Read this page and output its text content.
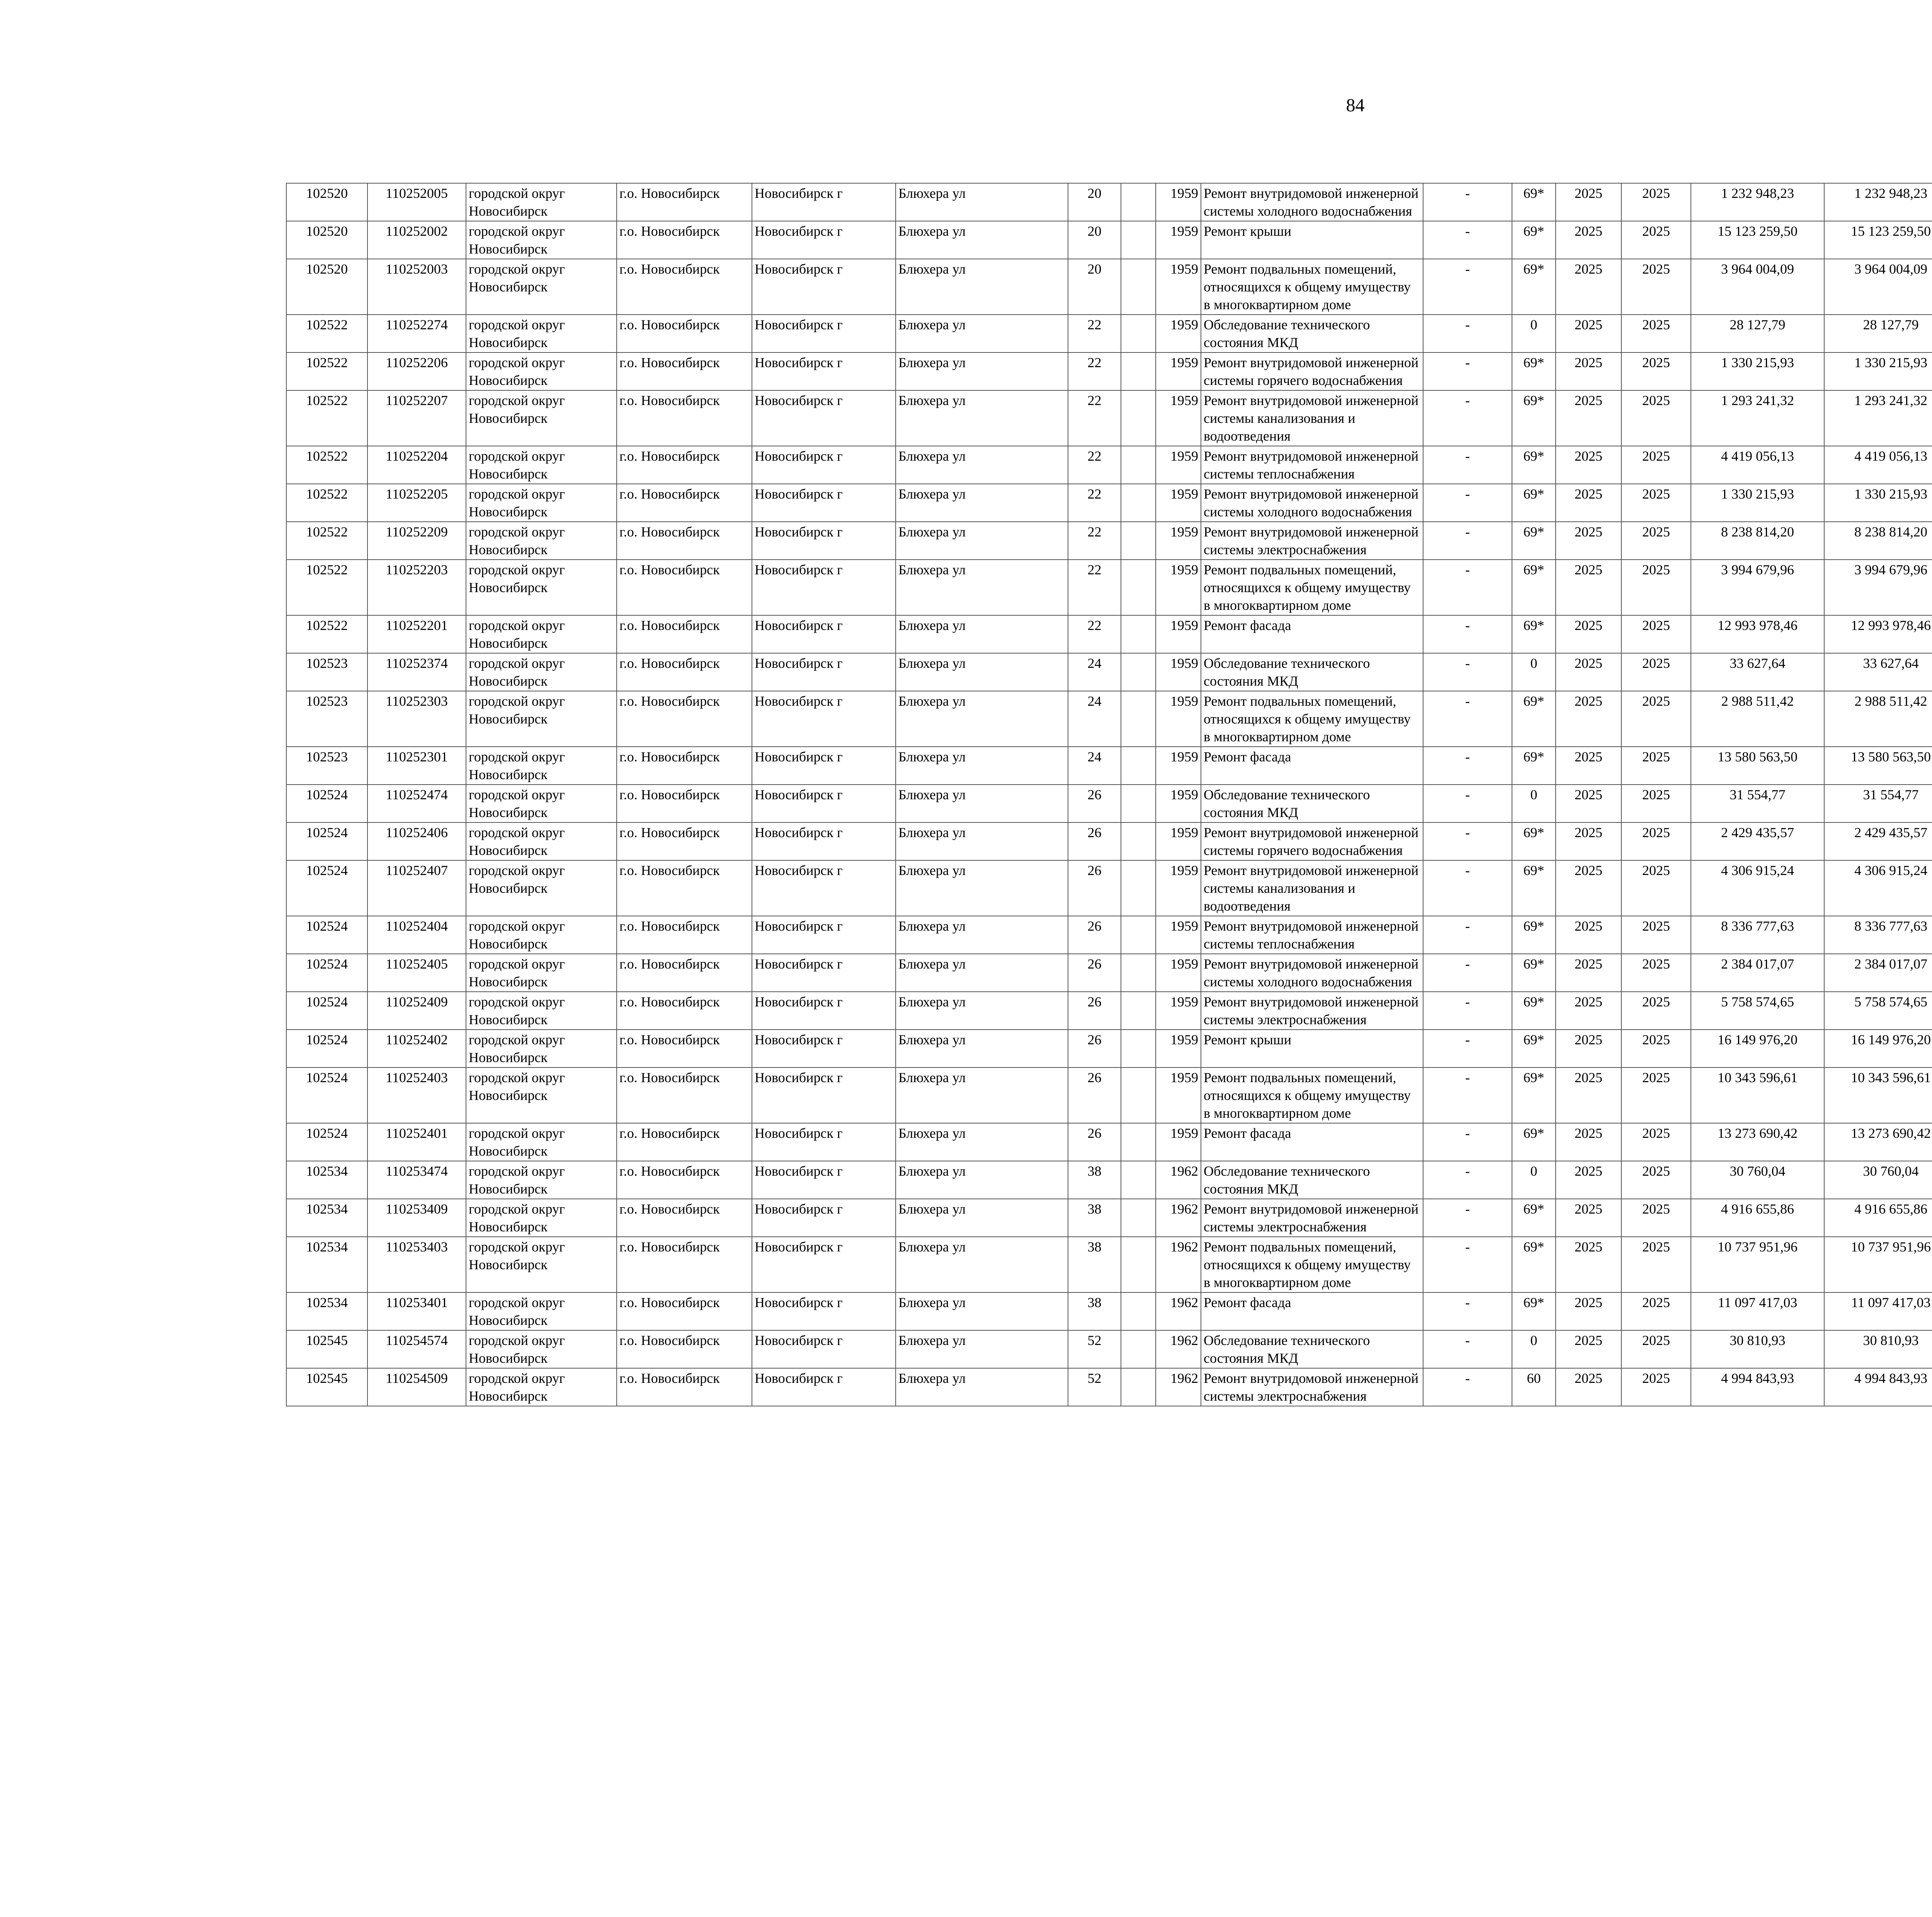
84
102520	110252005	городской округ Новосибирск	г.о. Новосибирск	Новосибирск г	Блюхера ул	20		1959	Ремонт внутридомовой инженерной системы холодного водоснабжения	-	69*	2025	2025	1 232 948,23	1 232 948,23						
102520	110252002	городской округ Новосибирск	г.о. Новосибирск	Новосибирск г	Блюхера ул	20		1959	Ремонт крыши	-	69*	2025	2025	15 123 259,50	15 123 259,50						
102520	110252003	городской округ Новосибирск	г.о. Новосибирск	Новосибирск г	Блюхера ул	20		1959	Ремонт подвальных помещений, относящихся к общему имуществу в многоквартирном доме	-	69*	2025	2025	3 964 004,09	3 964 004,09						
102522	110252274	городской округ Новосибирск	г.о. Новосибирск	Новосибирск г	Блюхера ул	22		1959	Обследование технического состояния МКД	-	0	2025	2025	28 127,79	28 127,79						
102522	110252206	городской округ Новосибирск	г.о. Новосибирск	Новосибирск г	Блюхера ул	22		1959	Ремонт внутридомовой инженерной системы горячего водоснабжения	-	69*	2025	2025	1 330 215,93	1 330 215,93						
102522	110252207	городской округ Новосибирск	г.о. Новосибирск	Новосибирск г	Блюхера ул	22		1959	Ремонт внутридомовой инженерной системы канализования и водоотведения	-	69*	2025	2025	1 293 241,32	1 293 241,32						
102522	110252204	городской округ Новосибирск	г.о. Новосибирск	Новосибирск г	Блюхера ул	22		1959	Ремонт внутридомовой инженерной системы теплоснабжения	-	69*	2025	2025	4 419 056,13	4 419 056,13						
102522	110252205	городской округ Новосибирск	г.о. Новосибирск	Новосибирск г	Блюхера ул	22		1959	Ремонт внутридомовой инженерной системы холодного водоснабжения	-	69*	2025	2025	1 330 215,93	1 330 215,93						
102522	110252209	городской округ Новосибирск	г.о. Новосибирск	Новосибирск г	Блюхера ул	22		1959	Ремонт внутридомовой инженерной системы электроснабжения	-	69*	2025	2025	8 238 814,20	8 238 814,20						
102522	110252203	городской округ Новосибирск	г.о. Новосибирск	Новосибирск г	Блюхера ул	22		1959	Ремонт подвальных помещений, относящихся к общему имуществу в многоквартирном доме	-	69*	2025	2025	3 994 679,96	3 994 679,96						
102522	110252201	городской округ Новосибирск	г.о. Новосибирск	Новосибирск г	Блюхера ул	22		1959	Ремонт фасада	-	69*	2025	2025	12 993 978,46	12 993 978,46						
102523	110252374	городской округ Новосибирск	г.о. Новосибирск	Новосибирск г	Блюхера ул	24		1959	Обследование технического состояния МКД	-	0	2025	2025	33 627,64	33 627,64						
102523	110252303	городской округ Новосибирск	г.о. Новосибирск	Новосибирск г	Блюхера ул	24		1959	Ремонт подвальных помещений, относящихся к общему имуществу в многоквартирном доме	-	69*	2025	2025	2 988 511,42	2 988 511,42						
102523	110252301	городской округ Новосибирск	г.о. Новосибирск	Новосибирск г	Блюхера ул	24		1959	Ремонт фасада	-	69*	2025	2025	13 580 563,50	13 580 563,50						
102524	110252474	городской округ Новосибирск	г.о. Новосибирск	Новосибирск г	Блюхера ул	26		1959	Обследование технического состояния МКД	-	0	2025	2025	31 554,77	31 554,77						
102524	110252406	городской округ Новосибирск	г.о. Новосибирск	Новосибирск г	Блюхера ул	26		1959	Ремонт внутридомовой инженерной системы горячего водоснабжения	-	69*	2025	2025	2 429 435,57	2 429 435,57						
102524	110252407	городской округ Новосибирск	г.о. Новосибирск	Новосибирск г	Блюхера ул	26		1959	Ремонт внутридомовой инженерной системы канализования и водоотведения	-	69*	2025	2025	4 306 915,24	4 306 915,24						
102524	110252404	городской округ Новосибирск	г.о. Новосибирск	Новосибирск г	Блюхера ул	26		1959	Ремонт внутридомовой инженерной системы теплоснабжения	-	69*	2025	2025	8 336 777,63	8 336 777,63						
102524	110252405	городской округ Новосибирск	г.о. Новосибирск	Новосибирск г	Блюхера ул	26		1959	Ремонт внутридомовой инженерной системы холодного водоснабжения	-	69*	2025	2025	2 384 017,07	2 384 017,07						
102524	110252409	городской округ Новосибирск	г.о. Новосибирск	Новосибирск г	Блюхера ул	26		1959	Ремонт внутридомовой инженерной системы электроснабжения	-	69*	2025	2025	5 758 574,65	5 758 574,65						
102524	110252402	городской округ Новосибирск	г.о. Новосибирск	Новосибирск г	Блюхера ул	26		1959	Ремонт крыши	-	69*	2025	2025	16 149 976,20	16 149 976,20						
102524	110252403	городской округ Новосибирск	г.о. Новосибирск	Новосибирск г	Блюхера ул	26		1959	Ремонт подвальных помещений, относящихся к общему имуществу в многоквартирном доме	-	69*	2025	2025	10 343 596,61	10 343 596,61						
102524	110252401	городской округ Новосибирск	г.о. Новосибирск	Новосибирск г	Блюхера ул	26		1959	Ремонт фасада	-	69*	2025	2025	13 273 690,42	13 273 690,42						
102534	110253474	городской округ Новосибирск	г.о. Новосибирск	Новосибирск г	Блюхера ул	38		1962	Обследование технического состояния МКД	-	0	2025	2025	30 760,04	30 760,04						
102534	110253409	городской округ Новосибирск	г.о. Новосибирск	Новосибирск г	Блюхера ул	38		1962	Ремонт внутридомовой инженерной системы электроснабжения	-	69*	2025	2025	4 916 655,86	4 916 655,86						
102534	110253403	городской округ Новосибирск	г.о. Новосибирск	Новосибирск г	Блюхера ул	38		1962	Ремонт подвальных помещений, относящихся к общему имуществу в многоквартирном доме	-	69*	2025	2025	10 737 951,96	10 737 951,96						
102534	110253401	городской округ Новосибирск	г.о. Новосибирск	Новосибирск г	Блюхера ул	38		1962	Ремонт фасада	-	69*	2025	2025	11 097 417,03	11 097 417,03						
102545	110254574	городской округ Новосибирск	г.о. Новосибирск	Новосибирск г	Блюхера ул	52		1962	Обследование технического состояния МКД	-	0	2025	2025	30 810,93	30 810,93						
102545	110254509	городской округ Новосибирск	г.о. Новосибирск	Новосибирск г	Блюхера ул	52		1962	Ремонт внутридомовой инженерной системы электроснабжения	-	60	2025	2025	4 994 843,93	4 994 843,93						
